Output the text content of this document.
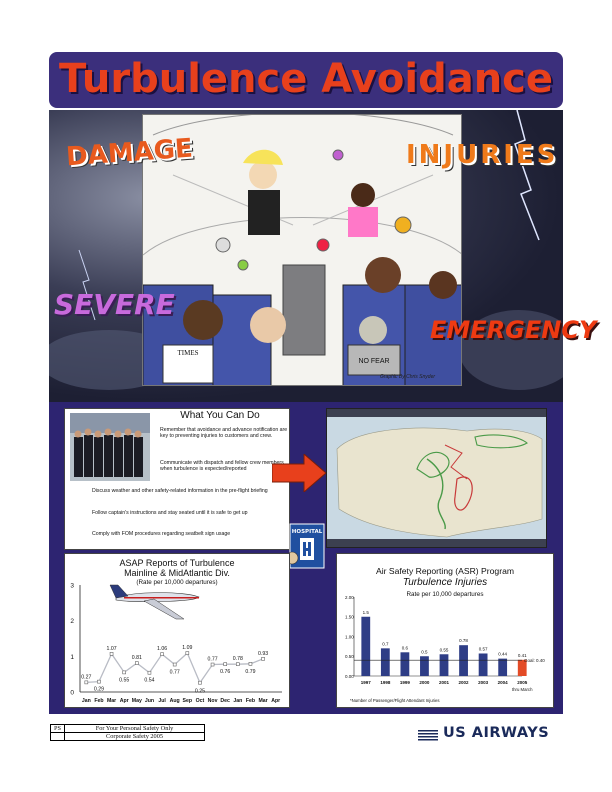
Turbulence Avoidance
TIMES
NO FEAR
DAMAGE	INJURIES
SEVERE
EMERGENCY
Graphic By Chris Snyder
What You Can Do
Remember that avoidance and advance notification are key to preventing injuries to customers and crew.
Communicate with dispatch and fellow crew members when turbulence is expected/reported
Discuss weather and other safety-related information in the pre-flight briefing
Follow captain's instructions and stay seated until it is safe to get up
Comply with FOM procedures regarding seatbelt sign usage	HOSPITAL
ASAP Reports of Turbulence
Mainline & MidAtlantic Div.
(Rate per 10,000 departures)
0
1
2
3
Jan Feb Mar Apr May Jun Jul Aug Sep Oct Nov Dec Jan Feb Mar Apr
0.27
0.29
1.07
0.55
0.81
0.54
1.06
0.77
1.09
0.25
0.77
0.76
0.78
0.79
0.93
Air Safety Reporting (ASR) Program
Turbulence Injuries
Rate per 10,000 departures
0.00
0.50
1.00
1.50
2.00
1.5
1997
0.7
1998
0.6
1999
0.5
2000
0.55
2001
0.78
2002
0.57
2003
0.44
2004
0.41
2005
Goal: 0.40
thru March
*Number of Passenger/Flight Attendant Injuries
PS	For Your Personal Safety Only
	Corporate Safety 2005	US AIRWAYS
